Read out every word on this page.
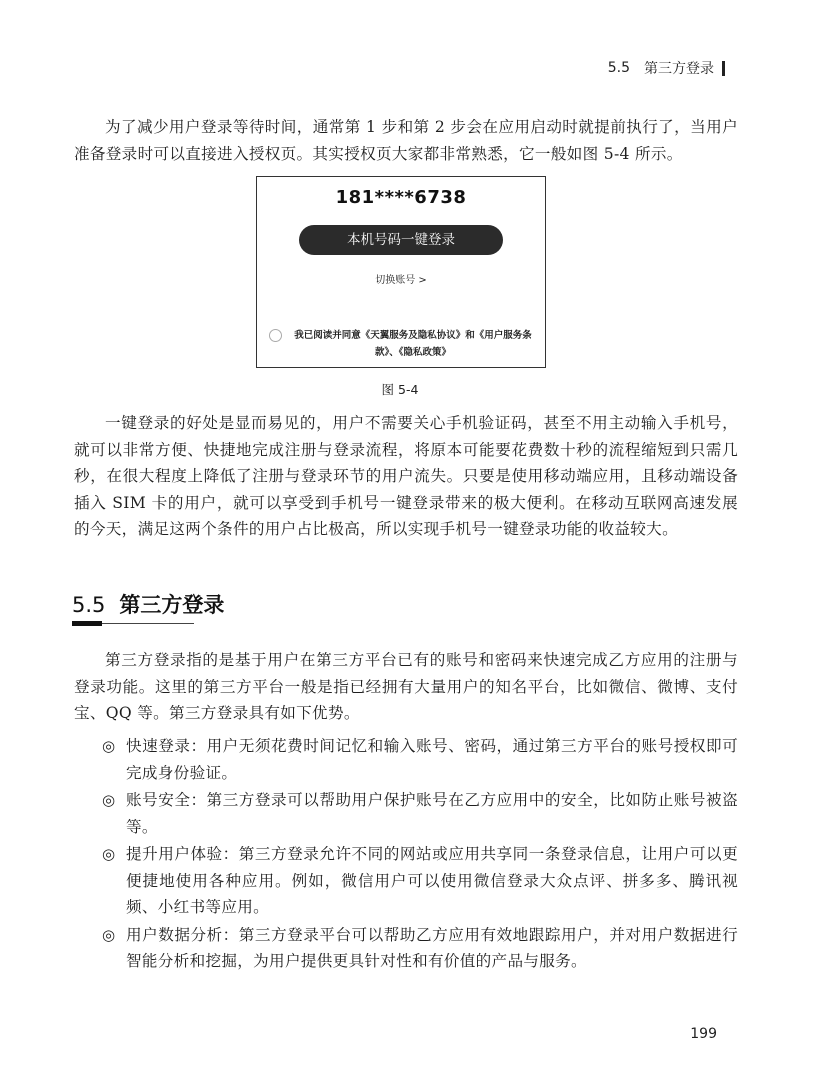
5.5 第三方登录

为了减少用户登录等待时间，通常第 1 步和第 2 步会在应用启动时就提前执行了，当用户准备登录时可以直接进入授权页。其实授权页大家都非常熟悉，它一般如图 5-4 所示。

181****6738
本机号码一键登录
切换账号 >
我已阅读并同意《天翼服务及隐私协议》和《用户服务条款》、《隐私政策》
图 5-4

一键登录的好处是显而易见的，用户不需要关心手机验证码，甚至不用主动输入手机号，就可以非常方便、快捷地完成注册与登录流程，将原本可能要花费数十秒的流程缩短到只需几秒，在很大程度上降低了注册与登录环节的用户流失。只要是使用移动端应用，且移动端设备插入 SIM 卡的用户，就可以享受到手机号一键登录带来的极大便利。在移动互联网高速发展的今天，满足这两个条件的用户占比极高，所以实现手机号一键登录功能的收益较大。

5.5 第三方登录

第三方登录指的是基于用户在第三方平台已有的账号和密码来快速完成乙方应用的注册与登录功能。这里的第三方平台一般是指已经拥有大量用户的知名平台，比如微信、微博、支付宝、QQ 等。第三方登录具有如下优势。

◎ 快速登录：用户无须花费时间记忆和输入账号、密码，通过第三方平台的账号授权即可完成身份验证。
◎ 账号安全：第三方登录可以帮助用户保护账号在乙方应用中的安全，比如防止账号被盗等。
◎ 提升用户体验：第三方登录允许不同的网站或应用共享同一条登录信息，让用户可以更便捷地使用各种应用。例如，微信用户可以使用微信登录大众点评、拼多多、腾讯视频、小红书等应用。
◎ 用户数据分析：第三方登录平台可以帮助乙方应用有效地跟踪用户，并对用户数据进行智能分析和挖掘，为用户提供更具针对性和有价值的产品与服务。
199
